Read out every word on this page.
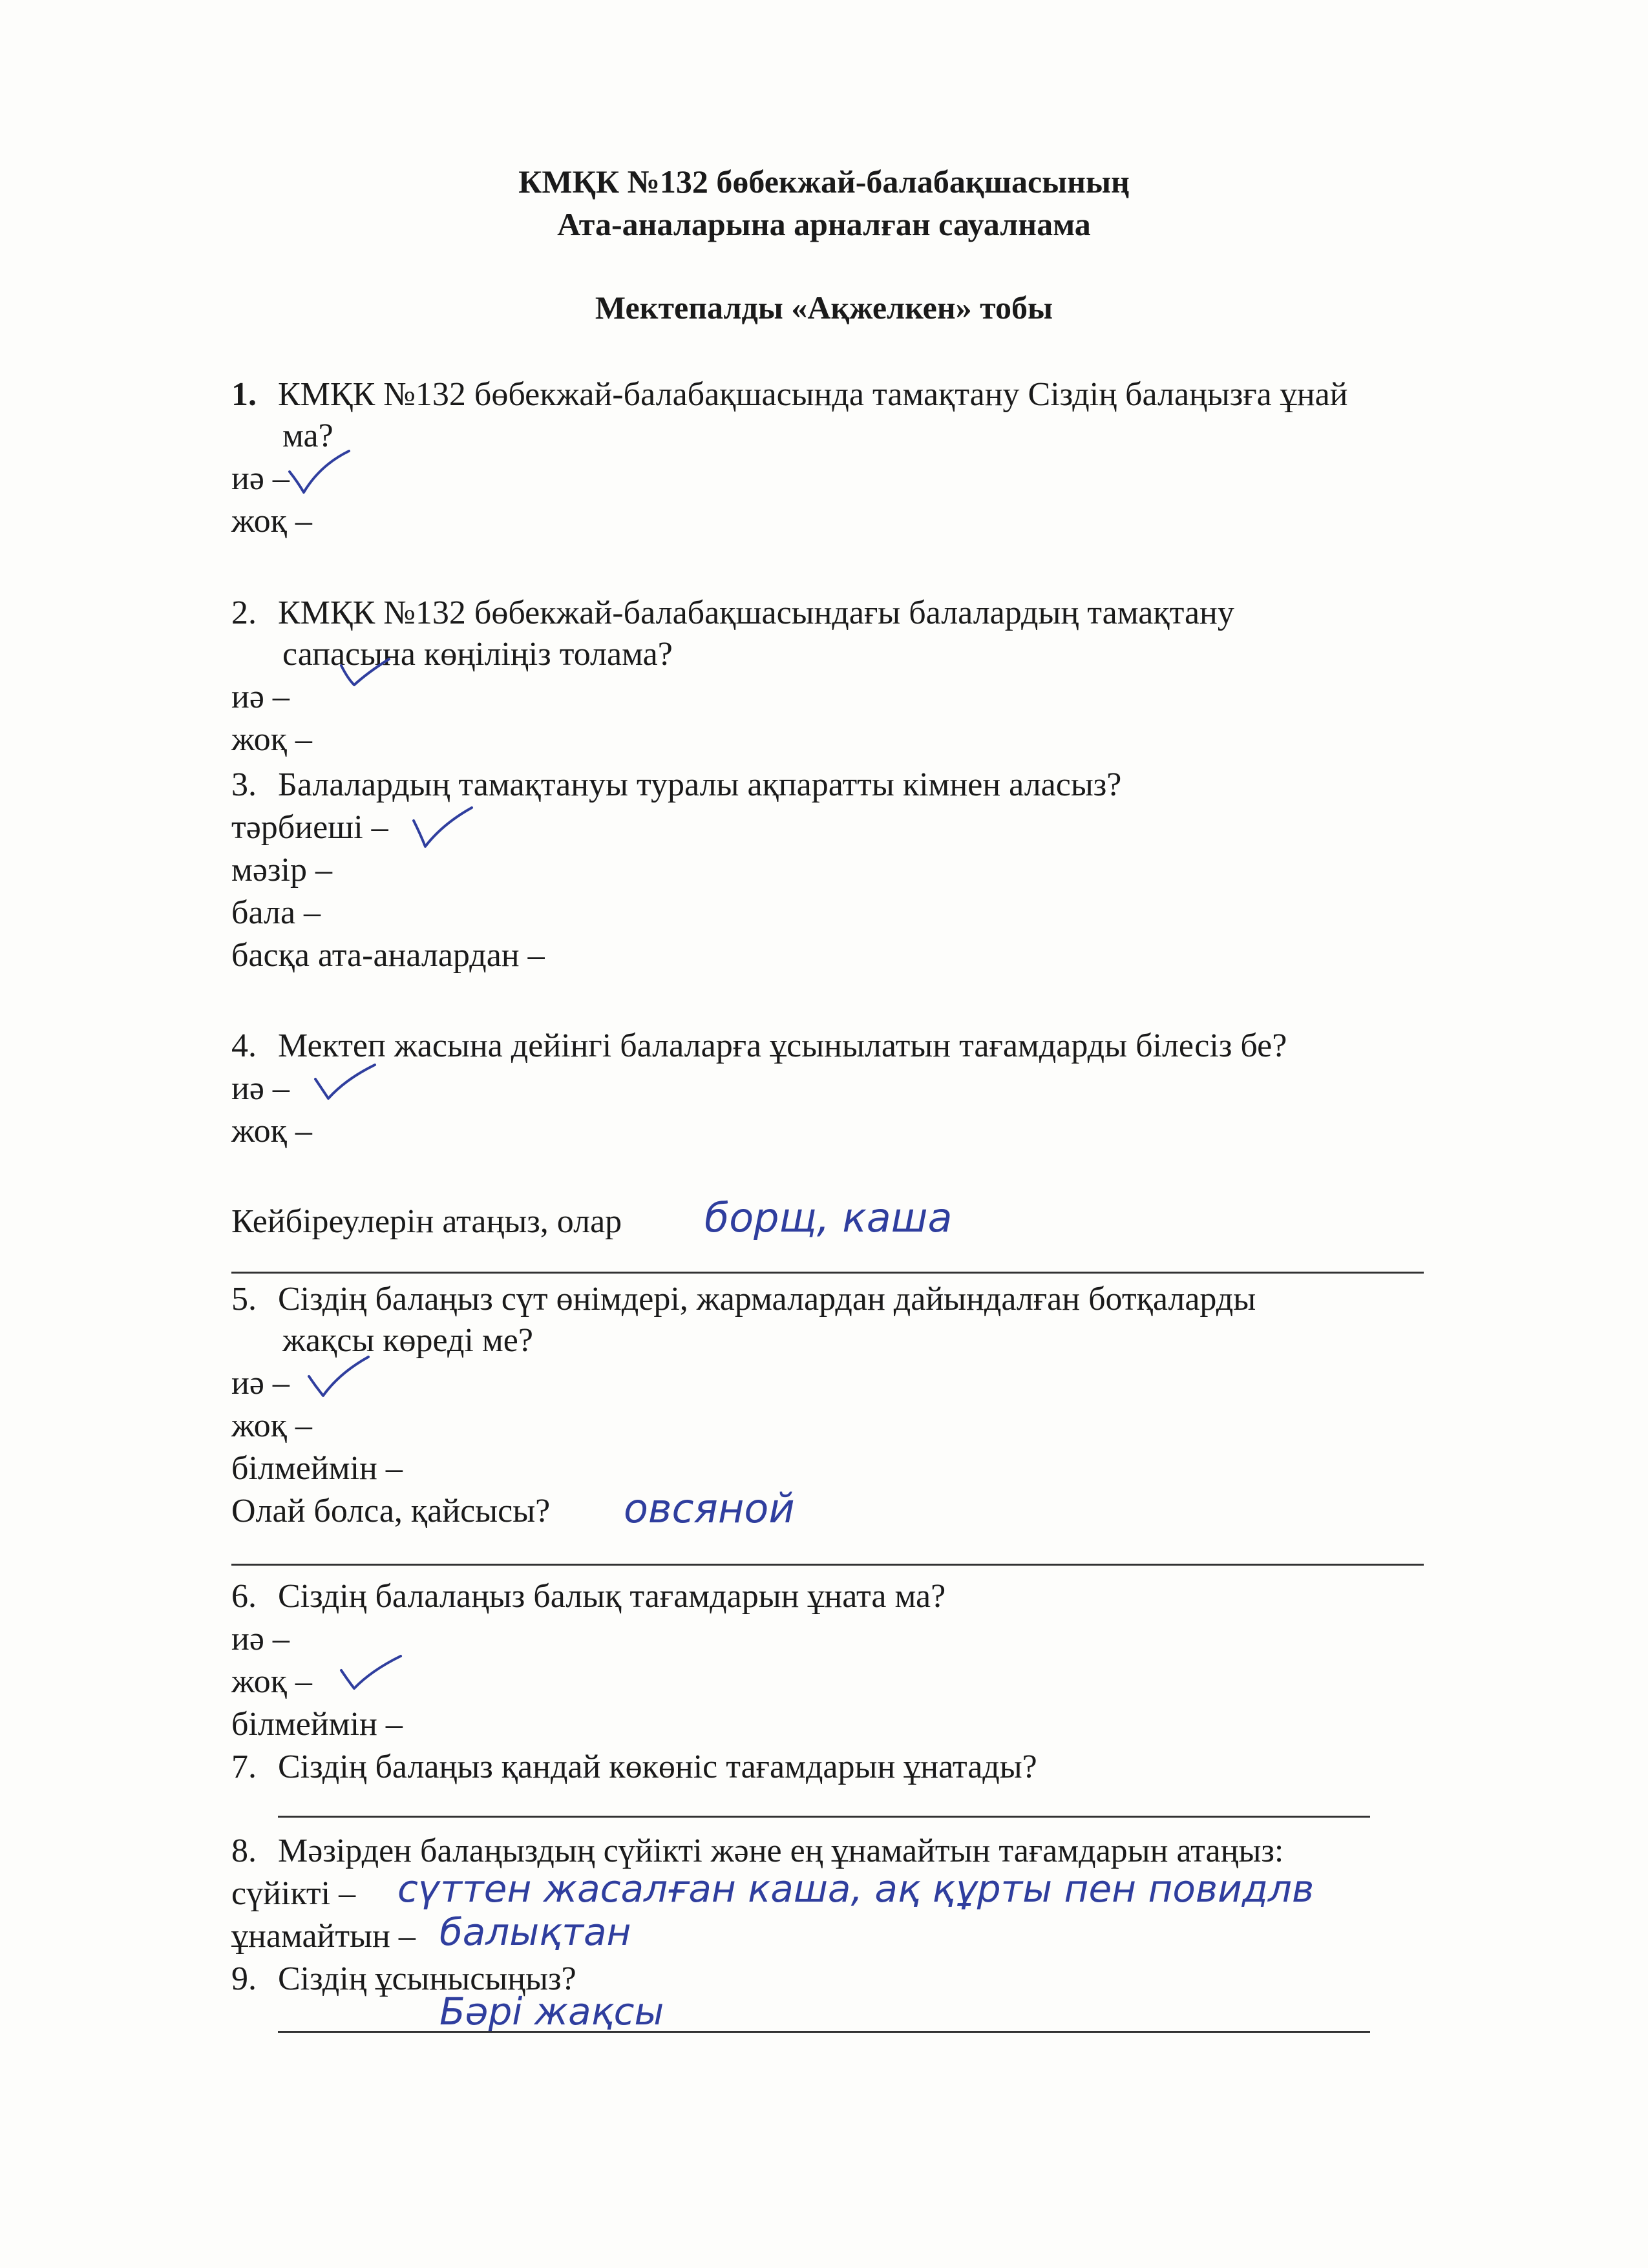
КМҚК №132 бөбекжай-балабақшасының
Ата-аналарына арналған сауалнама
Мектепалды «Ақжелкен» тобы
1. КМҚК №132 бөбекжай-балабақшасында тамақтану Сіздің балаңызға ұнай
ма?
иә –
жоқ –
2. КМҚК №132 бөбекжай-балабақшасындағы балалардың тамақтану
сапасына көңіліңіз толама?
иә –
жоқ –
3. Балалардың тамақтануы туралы ақпаратты кімнен аласыз?
тәрбиеші –
мәзір –
бала –
басқа ата-аналардан –
4. Мектеп жасына дейінгі балаларға ұсынылатын тағамдарды білесіз бе?
иә –
жоқ –
Кейбіреулерін атаңыз, олар борщ, каша
5. Сіздің балаңыз сүт өнімдері, жармалардан дайындалған ботқаларды
жақсы көреді ме?
иә –
жоқ –
білмеймін –
Олай болса, қайсысы? овсяной
6. Сіздің балалаңыз балық тағамдарын ұната ма?
иә –
жоқ –
білмеймін –
7. Сіздің балаңыз қандай көкөніс тағамдарын ұнатады?
8. Мәзірден балаңыздың сүйікті және ең ұнамайтын тағамдарын атаңыз:
сүйікті – сүттен жасалған каша, ақ құрты пен повидлв
ұнамайтын – балықтан
9. Сіздің ұсынысыңыз?
Бәрі жақсы
